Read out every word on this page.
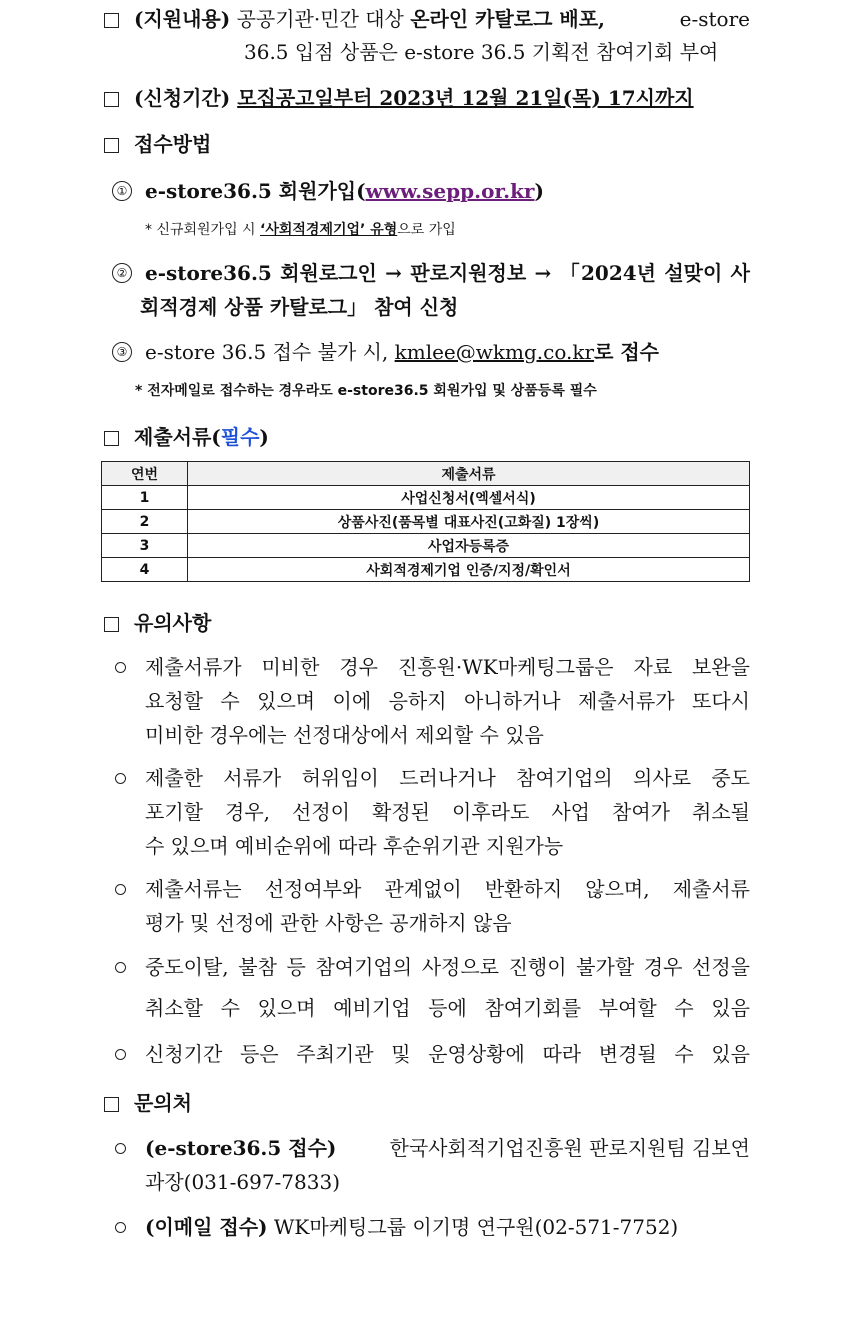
(지원내용) 공공기관·민간 대상 온라인 카탈로그 배포,	e-store
36.5 입점 상품은 e-store 36.5 기획전 참여기회 부여
(신청기간) 모집공고일부터 2023년 12월 21일(목) 17시까지
접수방법
① e-store36.5 회원가입(www.sepp.or.kr)
* 신규회원가입 시 ‘사회적경제기업’ 유형으로 가입
② e-store36.5 회원로그인 → 판로지원정보 → 「2024년 설맞이 사
회적경제 상품 카탈로그」 참여 신청
③ e-store 36.5 접수 불가 시, kmlee@wkmg.co.kr로 접수
* 전자메일로 접수하는 경우라도 e-store36.5 회원가입 및 상품등록 필수
제출서류(필수)
연번	제출서류
1	사업신청서(엑셀서식)
2	상품사진(품목별 대표사진(고화질) 1장씩)
3	사업자등록증
4	사회적경제기업 인증/지정/확인서
유의사항
제출서류가 미비한 경우 진흥원·WK마케팅그룹은 자료 보완을
요청할 수 있으며 이에 응하지 아니하거나 제출서류가 또다시
미비한 경우에는 선정대상에서 제외할 수 있음
제출한 서류가 허위임이 드러나거나 참여기업의 의사로 중도
포기할 경우, 선정이 확정된 이후라도 사업 참여가 취소될
수 있으며 예비순위에 따라 후순위기관 지원가능
제출서류는 선정여부와 관계없이 반환하지 않으며, 제출서류
평가 및 선정에 관한 사항은 공개하지 않음
중도이탈, 불참 등 참여기업의 사정으로 진행이 불가할 경우 선정을
취소할 수 있으며 예비기업 등에 참여기회를 부여할 수 있음
신청기간 등은 주최기관 및 운영상황에 따라 변경될 수 있음
문의처
(e-store36.5 접수)	한국사회적기업진흥원 판로지원팀 김보연
과장(031-697-7833)
(이메일 접수) WK마케팅그룹 이기명 연구원(02-571-7752)
